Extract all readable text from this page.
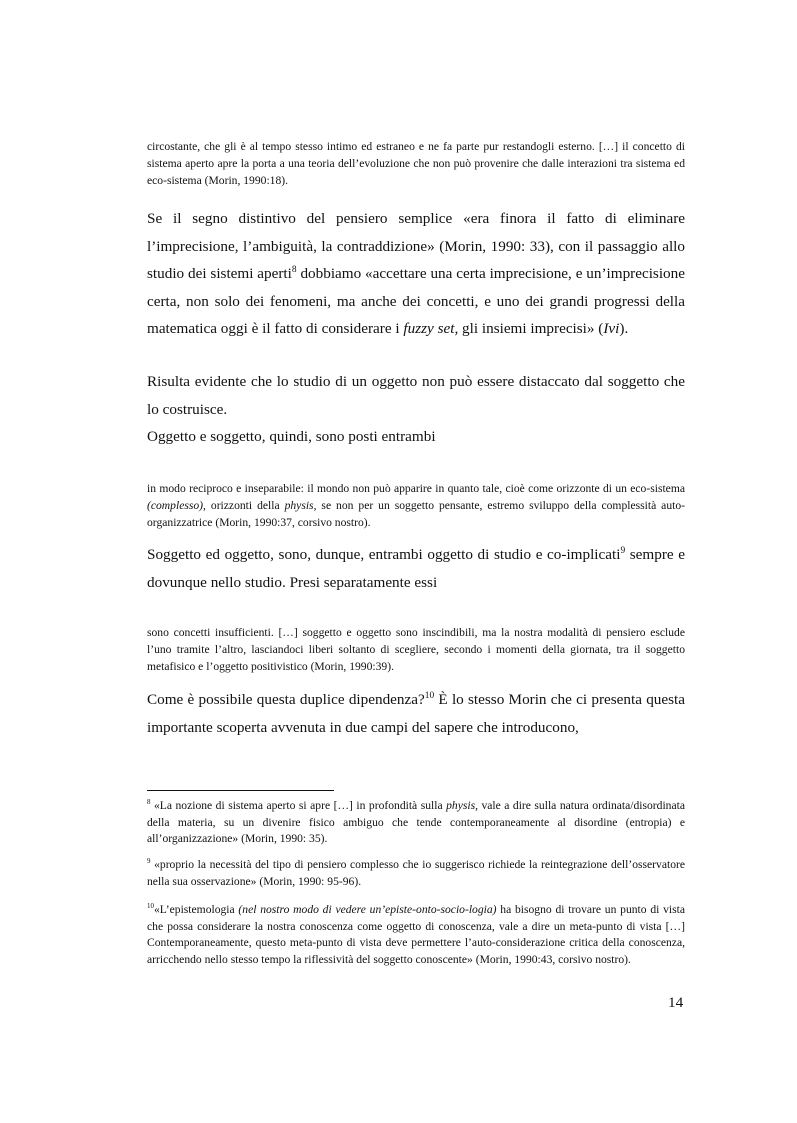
circostante, che gli è al tempo stesso intimo ed estraneo e ne fa parte pur restandogli esterno. […] il concetto di sistema aperto apre la porta a una teoria dell’evoluzione che non può provenire che dalle interazioni tra sistema ed eco-sistema (Morin, 1990:18).

Se il segno distintivo del pensiero semplice «era finora il fatto di eliminare l’imprecisione, l’ambiguità, la contraddizione» (Morin, 1990: 33), con il passaggio allo studio dei sistemi aperti$^8$ dobbiamo «accettare una certa imprecisione, e un’imprecisione certa, non solo dei fenomeni, ma anche dei concetti, e uno dei grandi progressi della matematica oggi è il fatto di considerare i fuzzy set, gli insiemi imprecisi» (Ivi).

Risulta evidente che lo studio di un oggetto non può essere distaccato dal soggetto che lo costruisce.

Oggetto e soggetto, quindi, sono posti entrambi

in modo reciproco e inseparabile: il mondo non può apparire in quanto tale, cioè come orizzonte di un eco-sistema (complesso), orizzonti della physis, se non per un soggetto pensante, estremo sviluppo della complessità auto-organizzatrice (Morin, 1990:37, corsivo nostro).

Soggetto ed oggetto, sono, dunque, entrambi oggetto di studio e co-implicati$^9$ sempre e dovunque nello studio. Presi separatamente essi

sono concetti insufficienti. […] soggetto e oggetto sono inscindibili, ma la nostra modalità di pensiero esclude l’uno tramite l’altro, lasciandoci liberi soltanto di scegliere, secondo i momenti della giornata, tra il soggetto metafisico e l’oggetto positivistico (Morin, 1990:39).

Come è possibile questa duplice dipendenza?$^{10}$ È lo stesso Morin che ci presenta questa importante scoperta avvenuta in due campi del sapere che introducono,

$^8$ «La nozione di sistema aperto si apre […] in profondità sulla physis, vale a dire sulla natura ordinata/disordinata della materia, su un divenire fisico ambiguo che tende contemporaneamente al disordine (entropia) e all’organizzazione» (Morin, 1990: 35).

$^9$ «proprio la necessità del tipo di pensiero complesso che io suggerisco richiede la reintegrazione dell’osservatore nella sua osservazione» (Morin, 1990: 95-96).

$^{10}$«L’epistemologia (nel nostro modo di vedere un’episte-onto-socio-logia) ha bisogno di trovare un punto di vista che possa considerare la nostra conoscenza come oggetto di conoscenza, vale a dire un meta-punto di vista […] Contemporaneamente, questo meta-punto di vista deve permettere l’auto-considerazione critica della conoscenza, arricchendo nello stesso tempo la riflessività del soggetto conoscente» (Morin, 1990:43, corsivo nostro).

14
